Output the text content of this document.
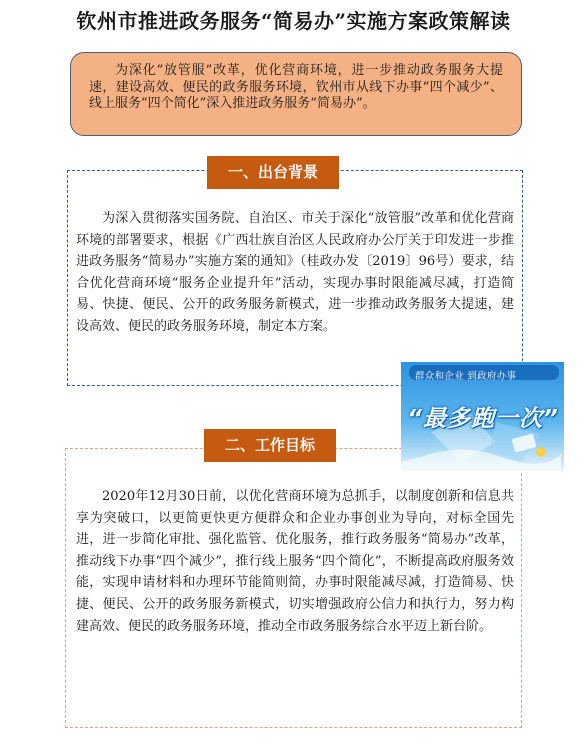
钦州市推进政务服务“简易办”实施方案政策解读
为深化“放管服”改革，优化营商环境，进一步推动政务服务大提速，建设高效、便民的政务服务环境，钦州市从线下办事“四个减少”、线上服务“四个简化”深入推进政务服务“简易办”。
一、出台背景
为深入贯彻落实国务院、自治区、市关于深化“放管服”改革和优化营商环境的部署要求，根据《广西壮族自治区人民政府办公厅关于印发进一步推进政务服务“简易办”实施方案的通知》（桂政办发〔2019〕96号）要求，结合优化营商环境“服务企业提升年”活动，实现办事时限能减尽减，打造简易、快捷、便民、公开的政务服务新模式，进一步推动政务服务大提速，建设高效、便民的政务服务环境，制定本方案。
二、工作目标
2020年12月30日前，以优化营商环境为总抓手，以制度创新和信息共享为突破口，以更简更快更方便群众和企业办事创业为导向，对标全国先进，进一步简化审批、强化监管、优化服务，推行政务服务“简易办”改革，推动线下办事“四个减少”，推行线上服务“四个简化”，不断提高政府服务效能，实现申请材料和办理环节能简则简，办事时限能减尽减，打造简易、快捷、便民、公开的政务服务新模式，切实增强政府公信力和执行力，努力构建高效、便民的政务服务环境，推动全市政务服务综合水平迈上新台阶。
群众和企业 到政府办事
“最多跑一次”
